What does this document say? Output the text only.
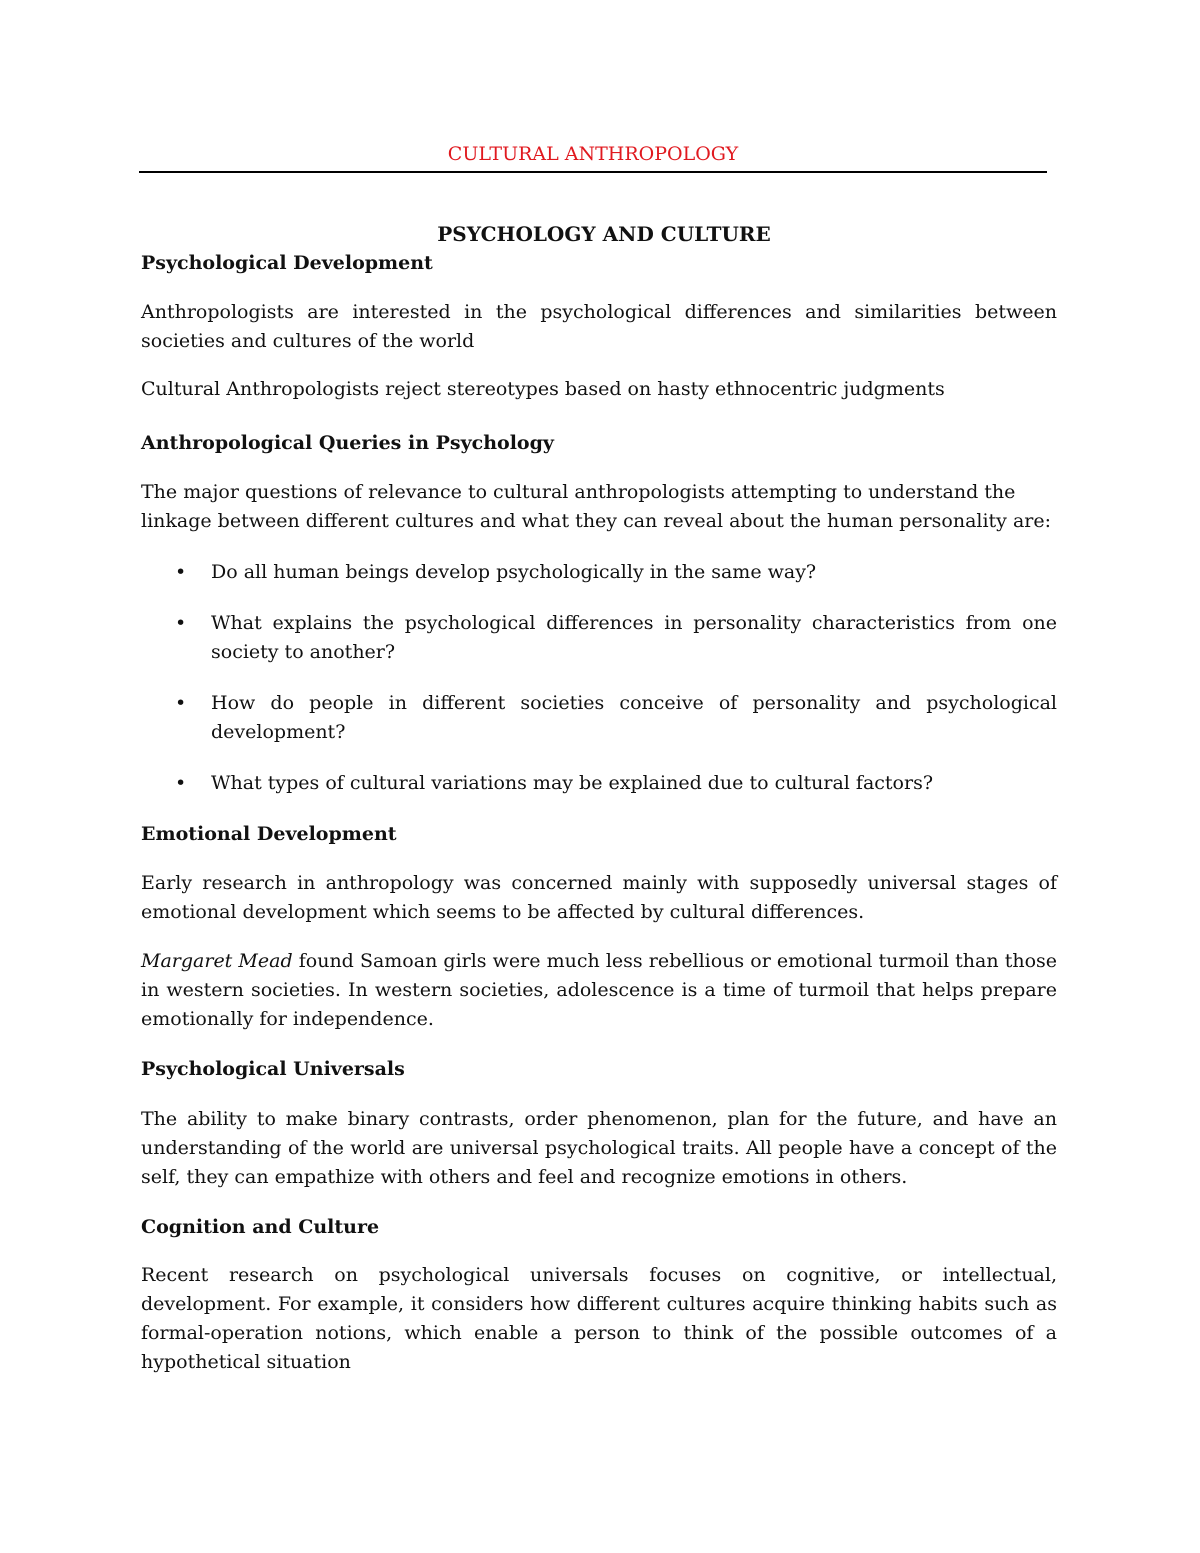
CULTURAL ANTHROPOLOGY

PSYCHOLOGY AND CULTURE

Psychological Development

Anthropologists are interested in the psychological differences and similarities between societies and cultures of the world

Cultural Anthropologists reject stereotypes based on hasty ethnocentric judgments

Anthropological Queries in Psychology

The major questions of relevance to cultural anthropologists attempting to understand the linkage between different cultures and what they can reveal about the human personality are:

• Do all human beings develop psychologically in the same way?
• What explains the psychological differences in personality characteristics from one society to another?
• How do people in different societies conceive of personality and psychological development?
• What types of cultural variations may be explained due to cultural factors?
Emotional Development

Early research in anthropology was concerned mainly with supposedly universal stages of emotional development which seems to be affected by cultural differences.

Margaret Mead found Samoan girls were much less rebellious or emotional turmoil than those in western societies. In western societies, adolescence is a time of turmoil that helps prepare emotionally for independence.

Psychological Universals

The ability to make binary contrasts, order phenomenon, plan for the future, and have an understanding of the world are universal psychological traits. All people have a concept of the self, they can empathize with others and feel and recognize emotions in others.

Cognition and Culture

Recent research on psychological universals focuses on cognitive, or intellectual, development. For example, it considers how different cultures acquire thinking habits such as formal-operation notions, which enable a person to think of the possible outcomes of a hypothetical situation
